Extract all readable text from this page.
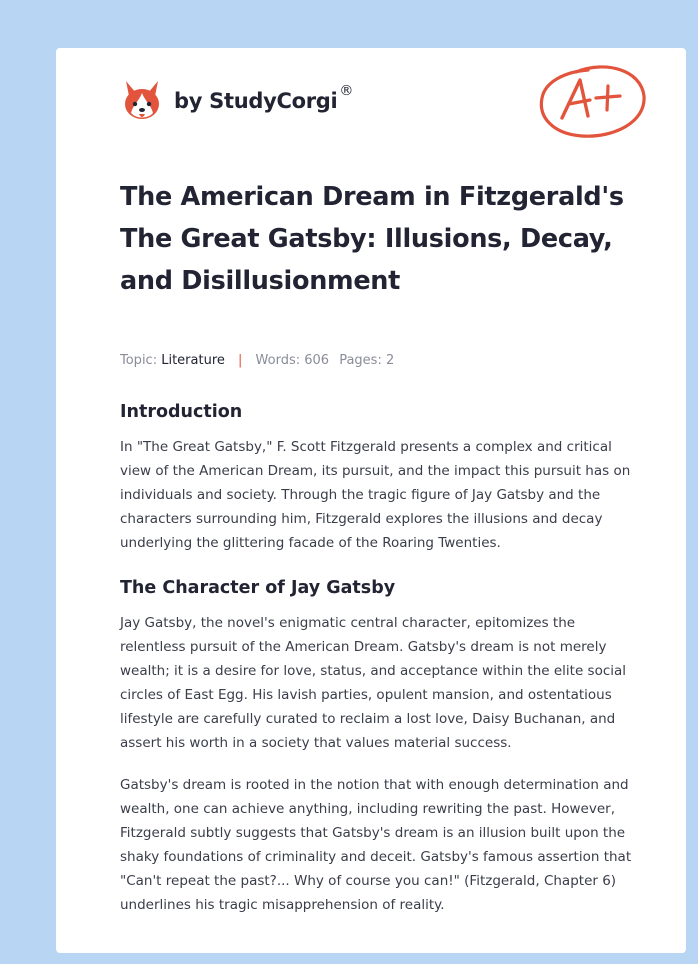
by StudyCorgi ®
A+
The American Dream in Fitzgerald's The Great Gatsby: Illusions, Decay, and Disillusionment
Topic: Literature | Words: 606 Pages: 2
Introduction

In "The Great Gatsby," F. Scott Fitzgerald presents a complex and critical view of the American Dream, its pursuit, and the impact this pursuit has on individuals and society. Through the tragic figure of Jay Gatsby and the characters surrounding him, Fitzgerald explores the illusions and decay underlying the glittering facade of the Roaring Twenties.

The Character of Jay Gatsby

Jay Gatsby, the novel's enigmatic central character, epitomizes the relentless pursuit of the American Dream. Gatsby's dream is not merely wealth; it is a desire for love, status, and acceptance within the elite social circles of East Egg. His lavish parties, opulent mansion, and ostentatious lifestyle are carefully curated to reclaim a lost love, Daisy Buchanan, and assert his worth in a society that values material success.

Gatsby's dream is rooted in the notion that with enough determination and wealth, one can achieve anything, including rewriting the past. However, Fitzgerald subtly suggests that Gatsby's dream is an illusion built upon the shaky foundations of criminality and deceit. Gatsby's famous assertion that "Can't repeat the past?... Why of course you can!" (Fitzgerald, Chapter 6) underlines his tragic misapprehension of reality.
